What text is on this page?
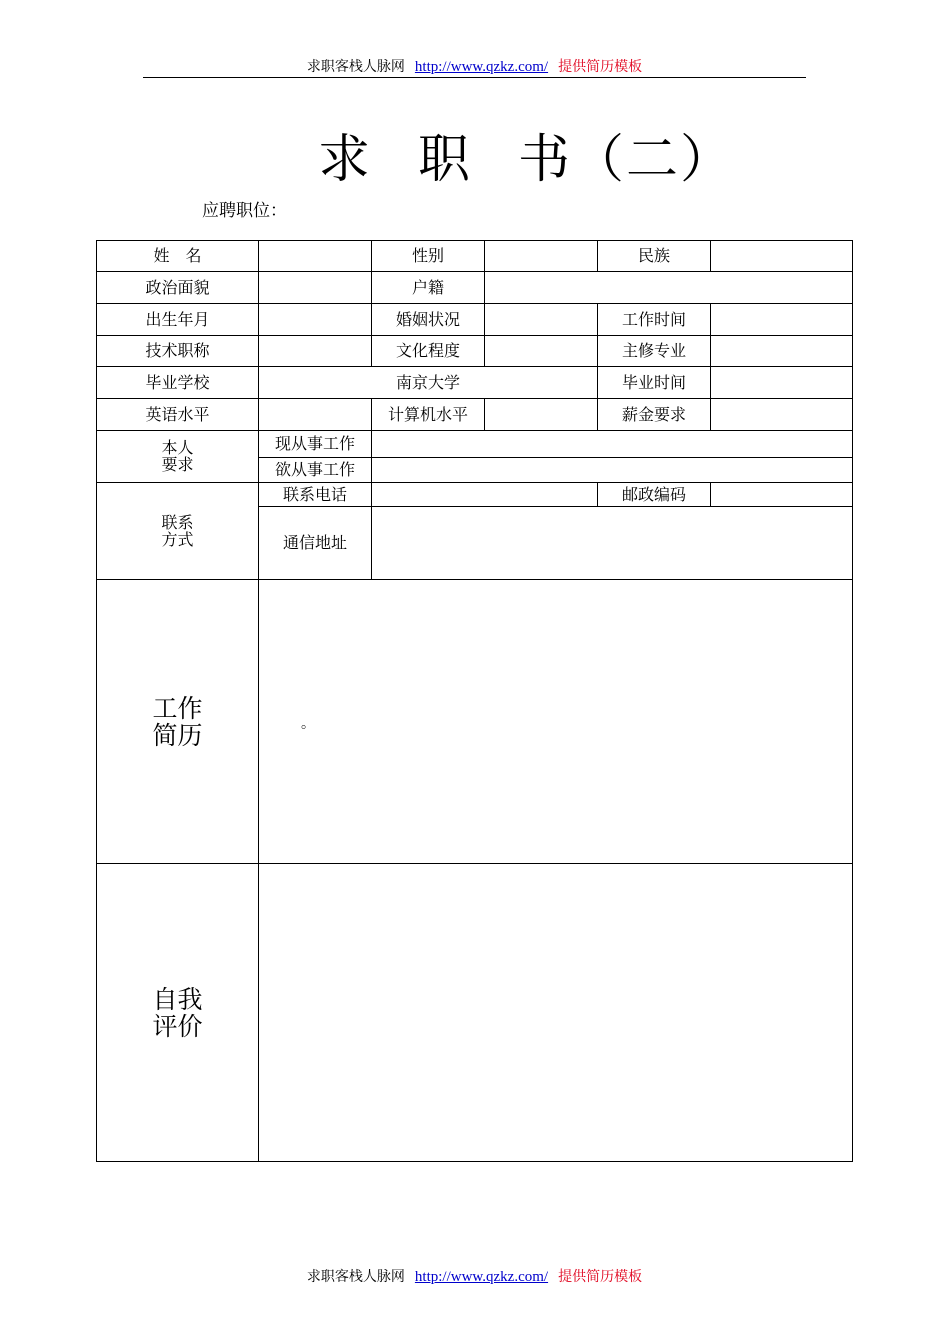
求职客栈人脉网 http://www.qzkz.com/ 提供简历模板
求 职 书（二）
应聘职位：
姓　名		性别		民族	
政治面貌		户籍			
出生年月		婚姻状况		工作时间	
技术职称		文化程度		主修专业	
毕业学校	南京大学			毕业时间	
英语水平		计算机水平		薪金要求	
本人
要求	现从事工作				
	欲从事工作				
联系
方式	联系电话			邮政编码	
	通信地址				
工作
简历	。				

自我
评价					
求职客栈人脉网 http://www.qzkz.com/ 提供简历模板
